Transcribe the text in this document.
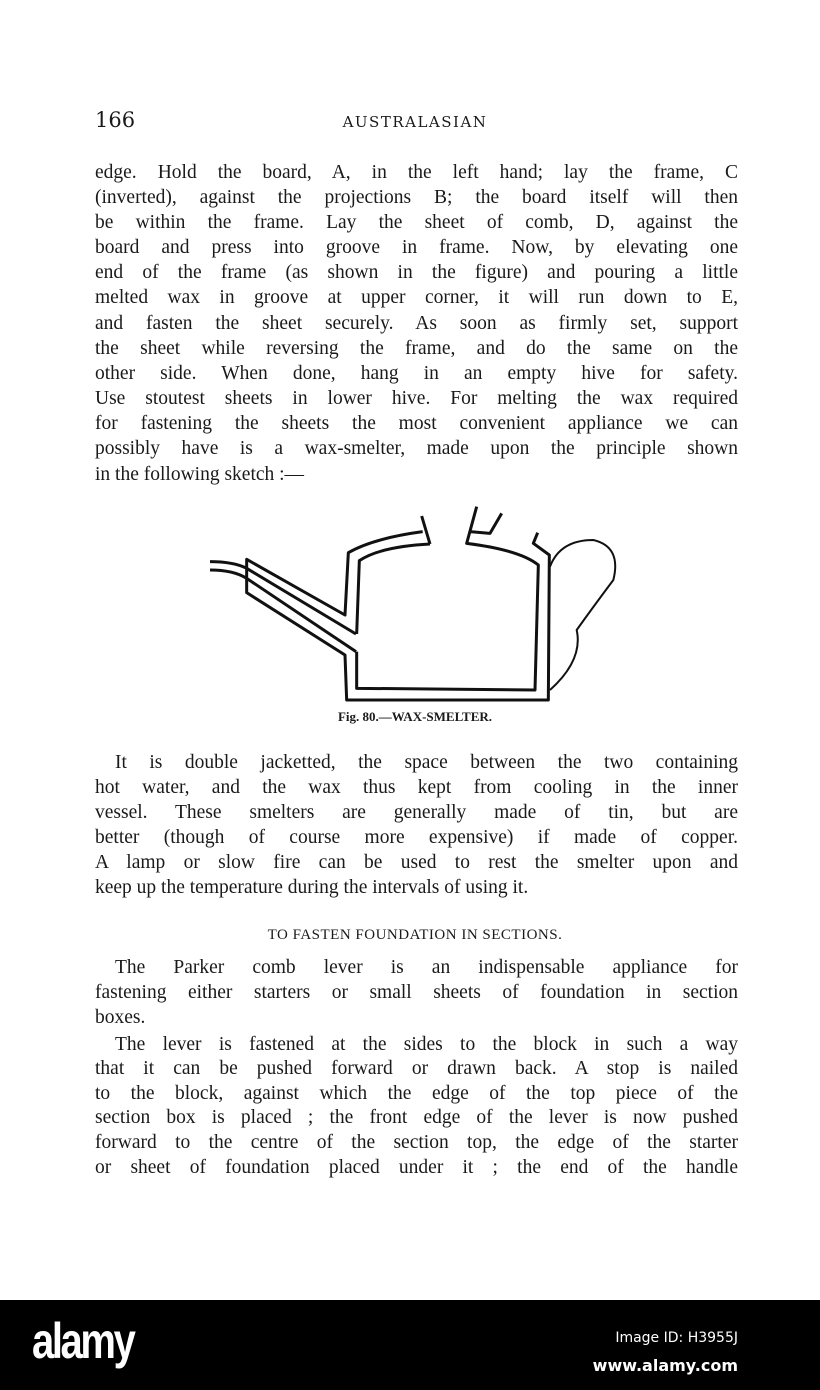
166	AUSTRALASIAN
edge. Hold the board, A, in the left hand; lay the frame, C
(inverted), against the projections B; the board itself will then
be within the frame. Lay the sheet of comb, D, against the
board and press into groove in frame. Now, by elevating one
end of the frame (as shown in the figure) and pouring a little
melted wax in groove at upper corner, it will run down to E,
and fasten the sheet securely. As soon as firmly set, support
the sheet while reversing the frame, and do the same on the
other side. When done, hang in an empty hive for safety.
Use stoutest sheets in lower hive. For melting the wax required
for fastening the sheets the most convenient appliance we can
possibly have is a wax-smelter, made upon the principle shown
in the following sketch :—
Fig. 80.—WAX-SMELTER.
It is double jacketted, the space between the two containing
hot water, and the wax thus kept from cooling in the inner
vessel. These smelters are generally made of tin, but are
better (though of course more expensive) if made of copper.
A lamp or slow fire can be used to rest the smelter upon and
keep up the temperature during the intervals of using it.
TO FASTEN FOUNDATION IN SECTIONS.
The Parker comb lever is an indispensable appliance for
fastening either starters or small sheets of foundation in section
boxes.
The lever is fastened at the sides to the block in such a way
that it can be pushed forward or drawn back. A stop is nailed
to the block, against which the edge of the top piece of the
section box is placed ; the front edge of the lever is now pushed
forward to the centre of the section top, the edge of the starter
or sheet of foundation placed under it ; the end of the handle
alamy	Image ID: H3955J
www.alamy.com
